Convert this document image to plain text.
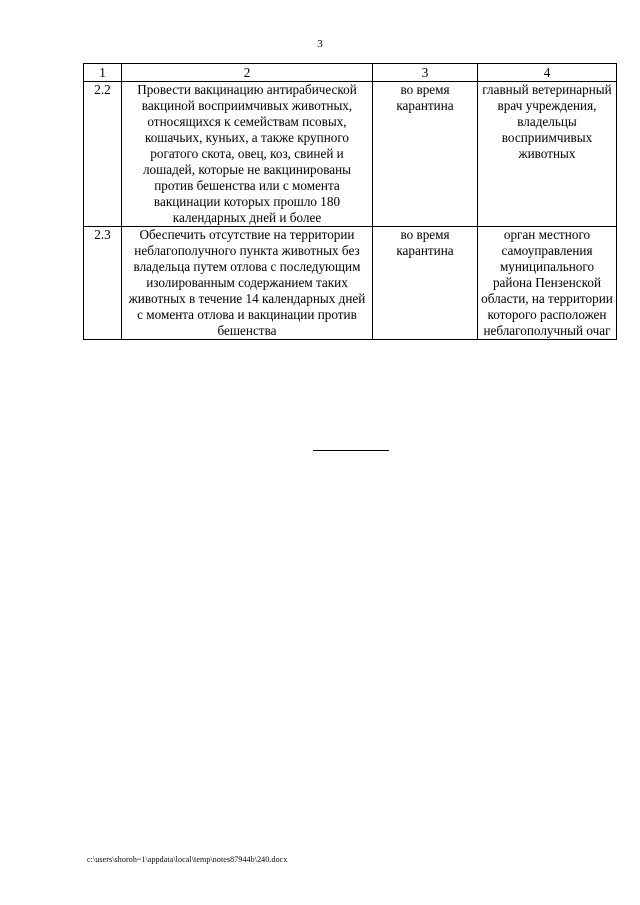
3
1	2	3	4
2.2	Провести вакцинацию антирабической вакциной восприимчивых животных, относящихся к семействам псовых, кошачьих, куньих, а также крупного рогатого скота, овец, коз, свиней и лошадей, которые не вакцинированы против бешенства или с момента вакцинации которых прошло 180 календарных дней и более	во время карантина	главный ветеринарный врач учреждения, владельцы восприимчивых животных
2.3	Обеспечить отсутствие на территории неблагополучного пункта животных без владельца путем отлова с последующим изолированным содержанием таких животных в течение 14 календарных дней с момента отлова и вакцинации против бешенства	во время карантина	орган местного самоуправления муниципального района Пензенской области, на территории которого расположен неблагополучный очаг
c:\users\shoroh~1\appdata\local\temp\notes87944b\240.docx
